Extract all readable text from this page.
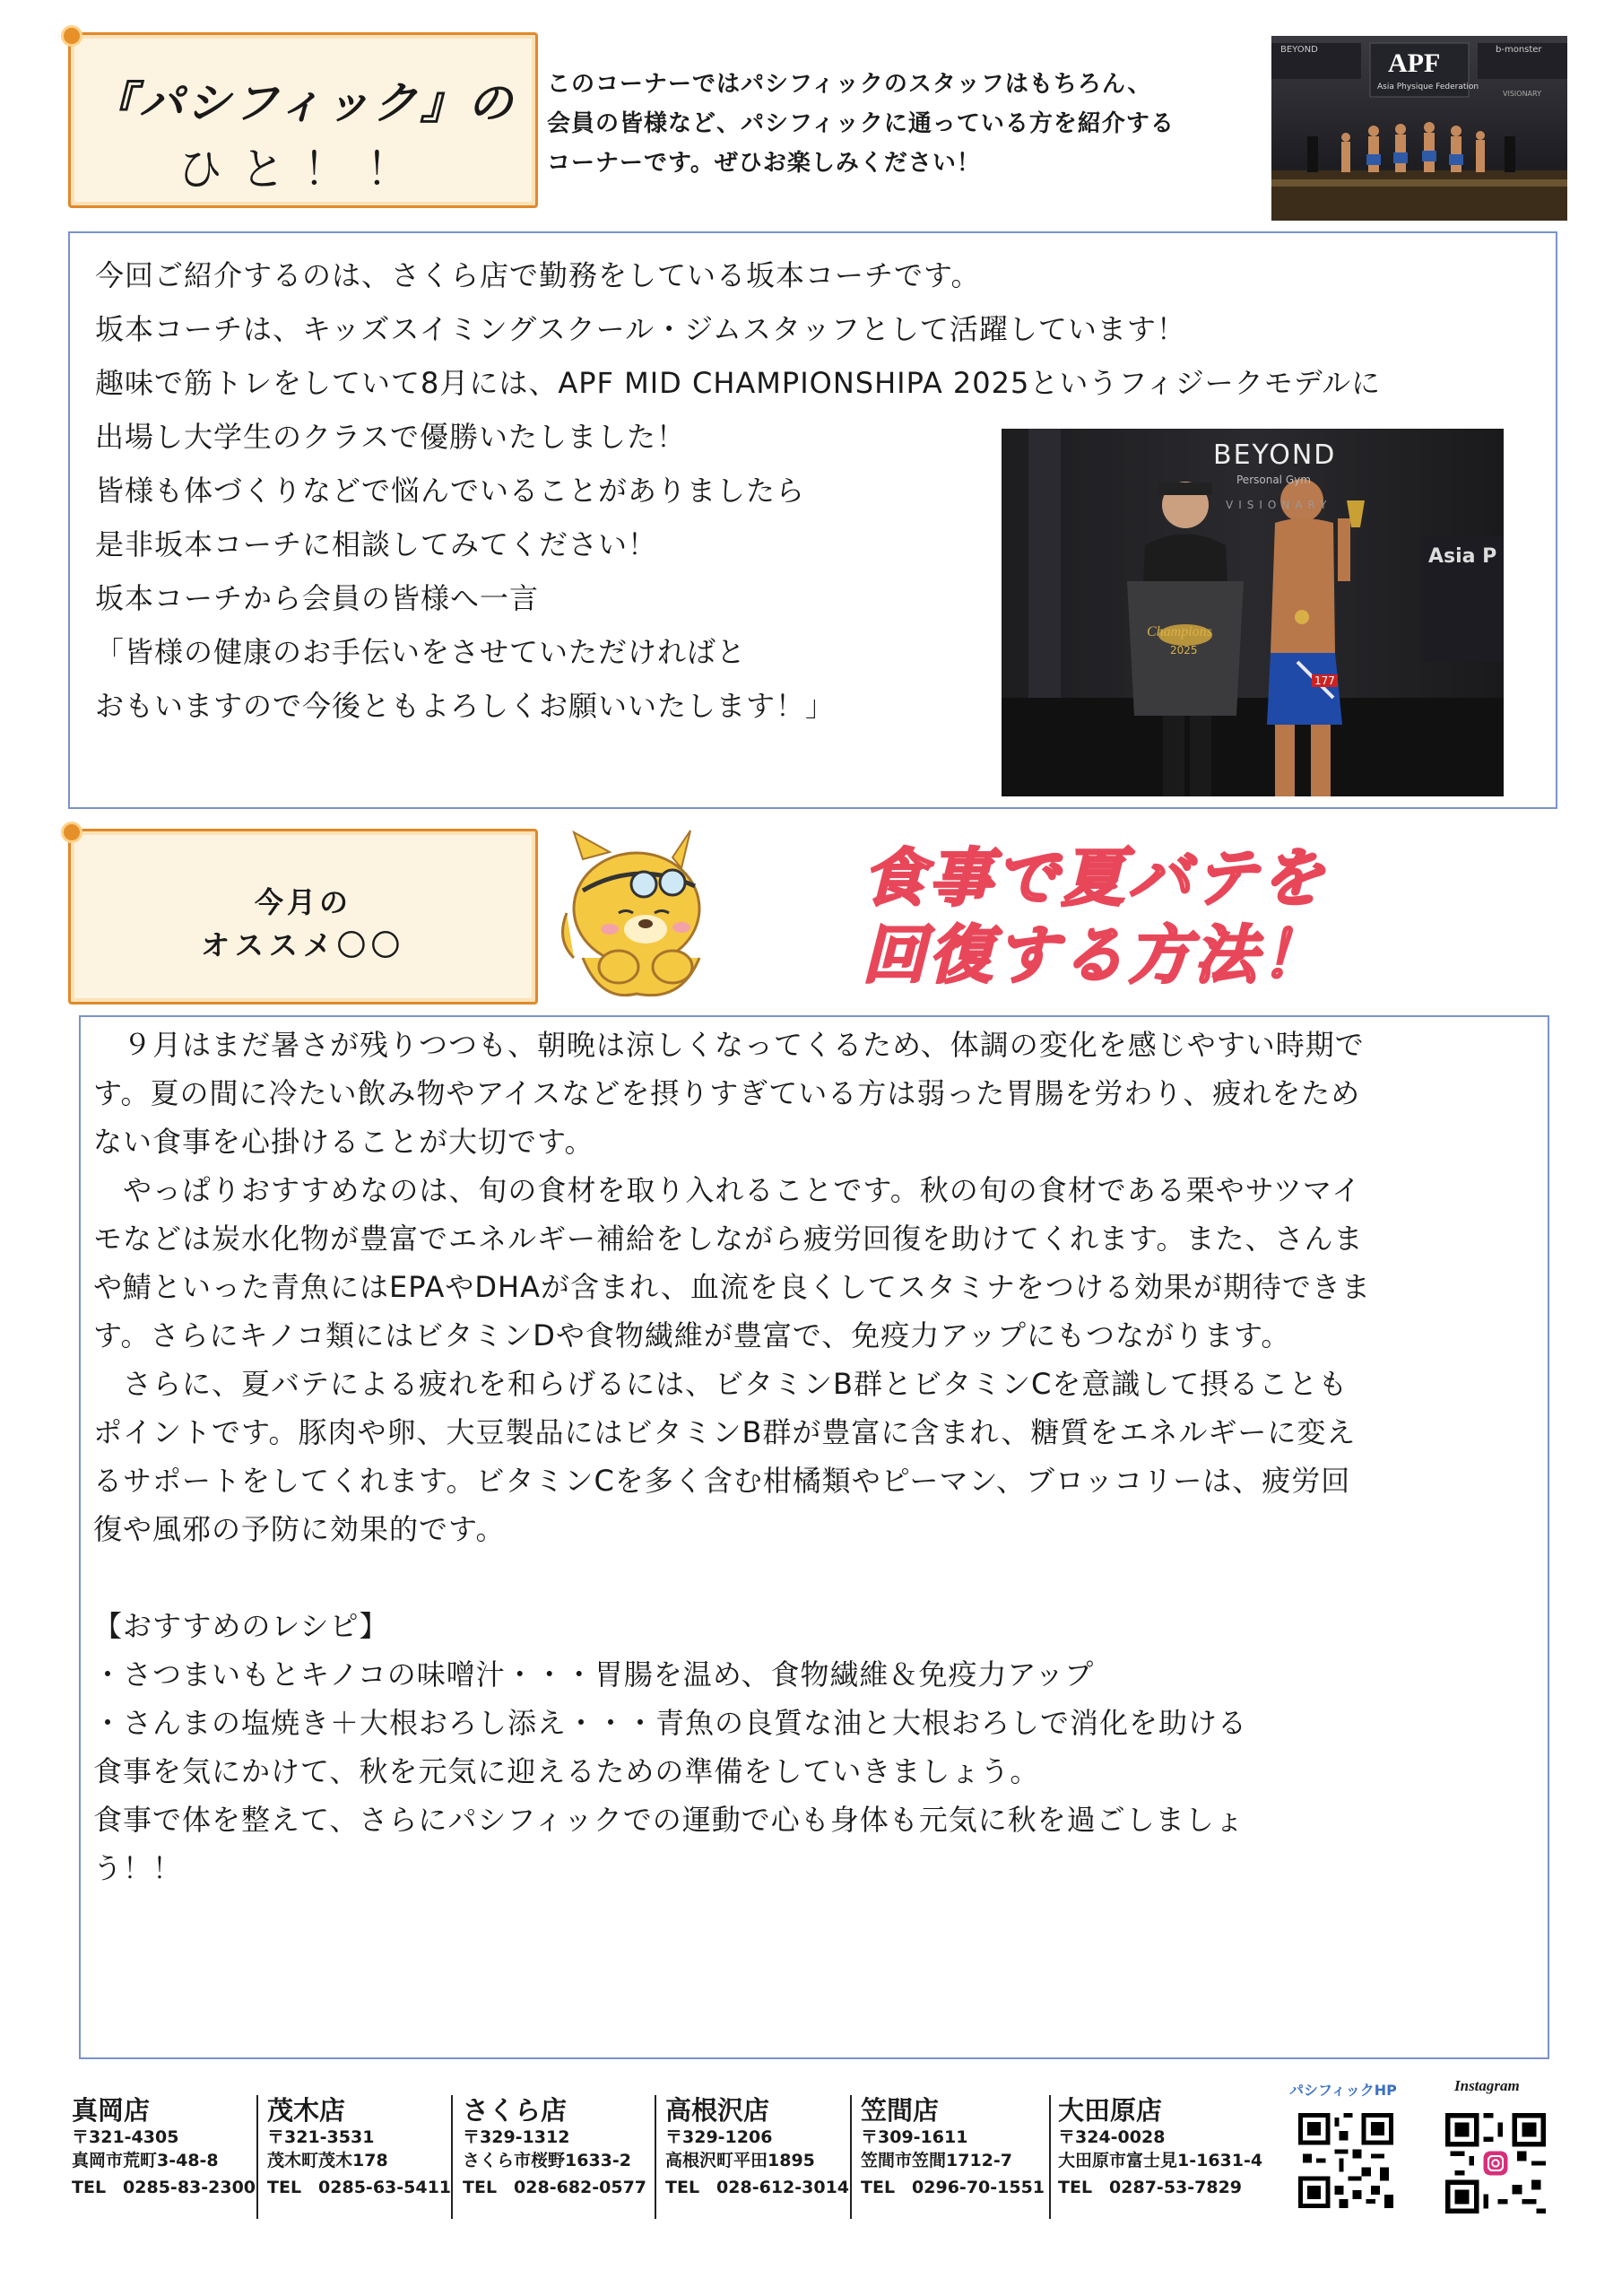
『パシフィック』の
ひと！！
このコーナーではパシフィックのスタッフはもちろん、
会員の皆様など、パシフィックに通っている方を紹介する
コーナーです。ぜひお楽しみください！
APF
Asia Physique Federation
BEYOND	b-monster
VISIONARY
今回ご紹介するのは、さくら店で勤務をしている坂本コーチです。
坂本コーチは、キッズスイミングスクール・ジムスタッフとして活躍しています！
趣味で筋トレをしていて8月には、APF MID CHAMPIONSHIPA 2025というフィジークモデルに
出場し大学生のクラスで優勝いたしました！
皆様も体づくりなどで悩んでいることがありましたら
是非坂本コーチに相談してみてください！
坂本コーチから会員の皆様へ一言
「皆様の健康のお手伝いをさせていただければと
おもいますので今後ともよろしくお願いいたします！」
BEYOND
Personal Gym
VISIONARY
Asia P
Champions
2025
177
今月の
オススメ〇〇
食事で夏バテを
回復する方法！
　９月はまだ暑さが残りつつも、朝晩は涼しくなってくるため、体調の変化を感じやすい時期で
す。夏の間に冷たい飲み物やアイスなどを摂りすぎている方は弱った胃腸を労わり、疲れをため
ない食事を心掛けることが大切です。
　やっぱりおすすめなのは、旬の食材を取り入れることです。秋の旬の食材である栗やサツマイ
モなどは炭水化物が豊富でエネルギー補給をしながら疲労回復を助けてくれます。また、さんま
や鯖といった青魚にはEPAやDHAが含まれ、血流を良くしてスタミナをつける効果が期待できま
す。さらにキノコ類にはビタミンDや食物繊維が豊富で、免疫力アップにもつながります。
　さらに、夏バテによる疲れを和らげるには、ビタミンB群とビタミンCを意識して摂ることも
ポイントです。豚肉や卵、大豆製品にはビタミンB群が豊富に含まれ、糖質をエネルギーに変え
るサポートをしてくれます。ビタミンCを多く含む柑橘類やピーマン、ブロッコリーは、疲労回
復や風邪の予防に効果的です。
【おすすめのレシピ】
・さつまいもとキノコの味噌汁・・・胃腸を温め、食物繊維＆免疫力アップ
・さんまの塩焼き＋大根おろし添え・・・青魚の良質な油と大根おろしで消化を助ける
食事を気にかけて、秋を元気に迎えるための準備をしていきましょう。
食事で体を整えて、さらにパシフィックでの運動で心も身体も元気に秋を過ごしましょ
う！！
真岡店
〒321-4305
真岡市荒町3-48-8
TEL　0285-83-2300
茂木店
〒321-3531
茂木町茂木178
TEL　0285-63-5411
さくら店
〒329-1312
さくら市桜野1633-2
TEL　028-682-0577
高根沢店
〒329-1206
高根沢町平田1895
TEL　028-612-3014
笠間店
〒309-1611
笠間市笠間1712-7
TEL　0296-70-1551
大田原店
〒324-0028
大田原市富士見1-1631-4
TEL　0287-53-7829
パシフィックHP	Instagram
